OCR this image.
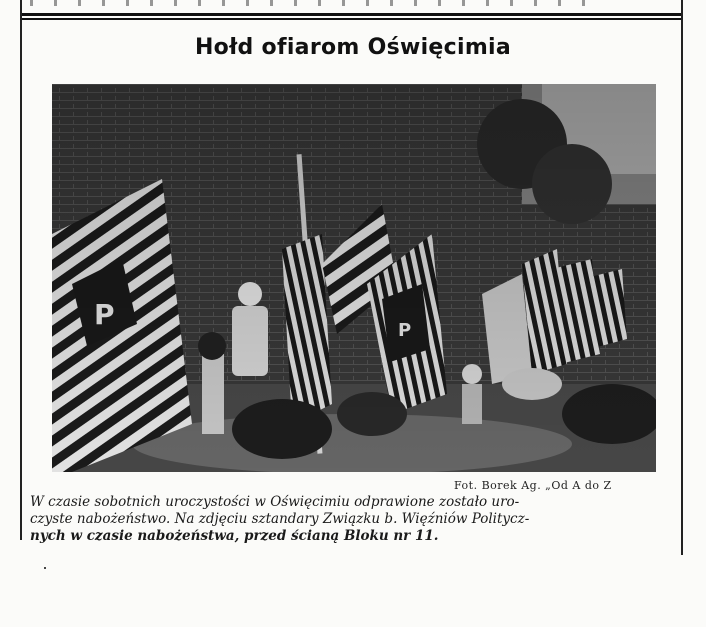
Hołd ofiarom Oświęcimia
Fot. Borek Ag. „Od A do Z
W czasie sobotnich uroczystości w Oświęcimiu odprawione zostało uro-
czyste nabożeństwo. Na zdjęciu sztandary Związku b. Więźniów Politycz-
nych w czasie nabożeństwa, przed ścianą Bloku nr 11.
